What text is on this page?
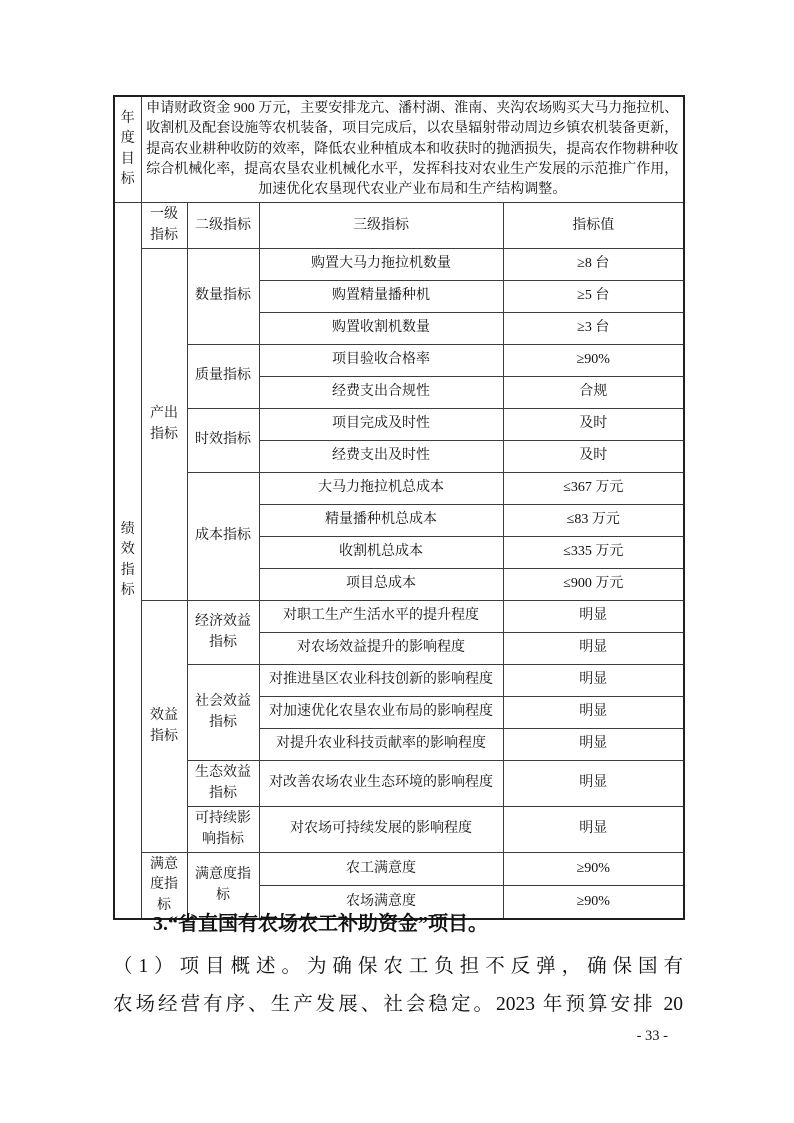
年度目标	申请财政资金 900 万元，主要安排龙亢、潘村湖、淮南、夹沟农场购买大马力拖拉机、收割机及配套设施等农机装备，项目完成后，以农垦辐射带动周边乡镇农机装备更新，提高农业耕种收防的效率，降低农业种植成本和收获时的抛洒损失，提高农作物耕种收综合机械化率，提高农垦农业机械化水平，发挥科技对农业生产发展的示范推广作用，加速优化农垦现代农业产业布局和生产结构调整。			
绩效指标	一级指标	二级指标	三级指标	指标值
	产出指标	数量指标	购置大马力拖拉机数量	≥8 台
			购置精量播种机	≥5 台
			购置收割机数量	≥3 台
		质量指标	项目验收合格率	≥90%
			经费支出合规性	合规
		时效指标	项目完成及时性	及时
			经费支出及时性	及时
		成本指标	大马力拖拉机总成本	≤367 万元
			精量播种机总成本	≤83 万元
			收割机总成本	≤335 万元
			项目总成本	≤900 万元
	效益指标	经济效益指标	对职工生产生活水平的提升程度	明显
			对农场效益提升的影响程度	明显
		社会效益指标	对推进垦区农业科技创新的影响程度	明显
			对加速优化农垦农业布局的影响程度	明显
			对提升农业科技贡献率的影响程度	明显
		生态效益指标	对改善农场农业生态环境的影响程度	明显
		可持续影响指标	对农场可持续发展的影响程度	明显
	满意度指标	满意度指标	农工满意度	≥90%
			农场满意度	≥90%
3.“省直国有农场农工补助资金”项目。
（1）项目概述。为确保农工负担不反弹，确保国有
农场经营有序、生产发展、社会稳定。2023 年预算安排 20
- 33 -
